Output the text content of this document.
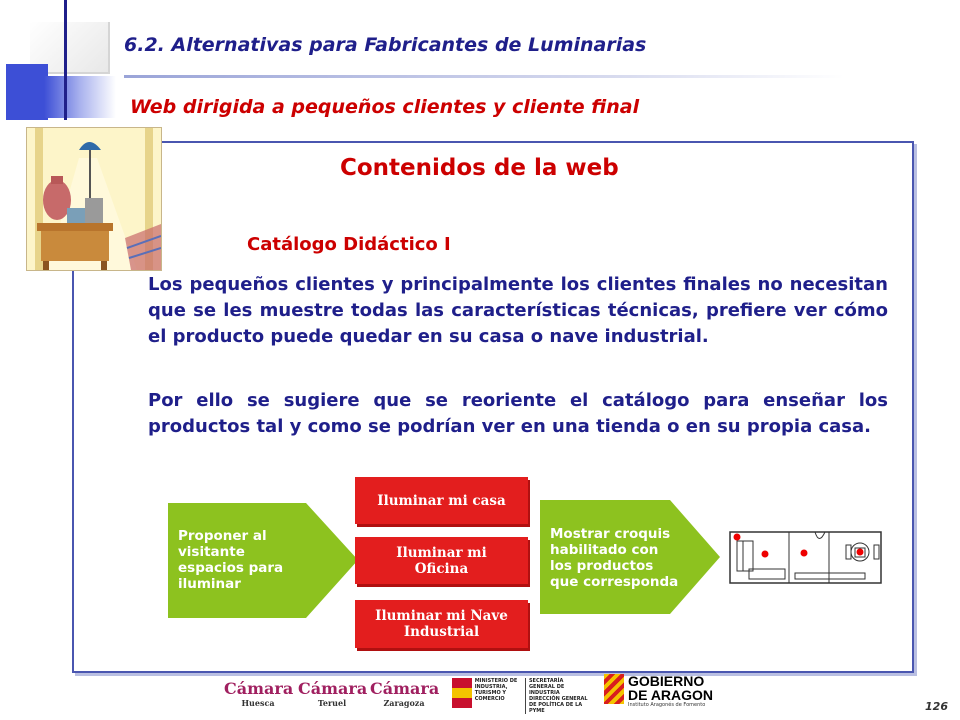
6.2. Alternativas para Fabricantes de Luminarias
Web dirigida a pequeños clientes y cliente final
Contenidos de la web
Catálogo Didáctico I
Los pequeños clientes y principalmente los clientes finales no necesitan que se les muestre todas las características técnicas, prefiere ver cómo el producto puede quedar en su casa o nave industrial.
Por ello se sugiere que se reoriente el catálogo para enseñar los productos tal y como se podrían ver en una tienda o en su propia casa.
Proponer al visitante espacios para iluminar
Iluminar mi casa
Iluminar mi Oficina
Iluminar mi Nave Industrial
Mostrar croquis habilitado con los productos que corresponda
Cámara
Huesca
Cámara
Teruel
Cámara
Zaragoza
MINISTERIO DE INDUSTRIA, TURISMO Y COMERCIO
SECRETARÍA GENERAL DE INDUSTRIA DIRECCIÓN GENERAL DE POLÍTICA DE LA PYME
GOBIERNO
DE ARAGON
Instituto Aragonés de Fomento	126
